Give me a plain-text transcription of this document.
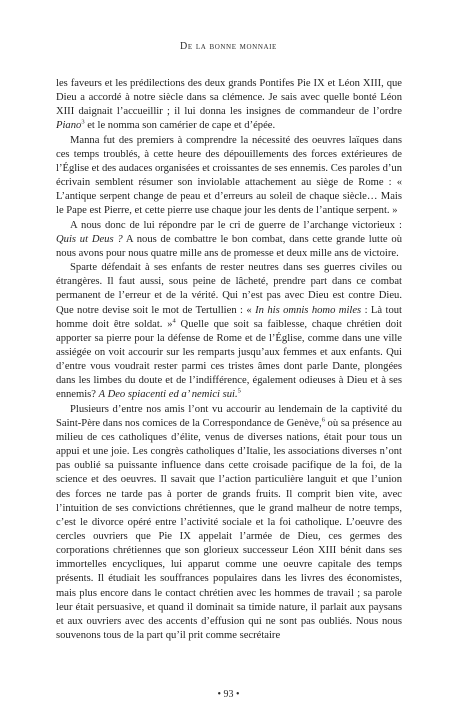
De la bonne monnaie

les faveurs et les prédilections des deux grands Pontifes Pie IX et Léon XIII, que Dieu a accordé à notre siècle dans sa clémence. Je sais avec quelle bonté Léon XIII daignait l’accueillir ; il lui donna les insignes de commandeur de l’ordre Piano$^3$ et le nomma son camérier de cape et d’épée.

Manna fut des premiers à comprendre la nécessité des oeuvres laïques dans ces temps troublés, à cette heure des dépouillements des forces extérieures de l’Église et des audaces organisées et croissantes de ses ennemis. Ces paroles d’un écrivain semblent résumer son inviolable attachement au siège de Rome : « L’antique serpent change de peau et d’erreurs au soleil de chaque siècle… Mais le Pape est Pierre, et cette pierre use chaque jour les dents de l’antique serpent. »

A nous donc de lui répondre par le cri de guerre de l’archange victorieux : Quis ut Deus ? A nous de combattre le bon combat, dans cette grande lutte où nous avons pour nous quatre mille ans de promesse et deux mille ans de victoire.

Sparte défendait à ses enfants de rester neutres dans ses guerres civiles ou étrangères. Il faut aussi, sous peine de lâcheté, prendre part dans ce combat permanent de l’erreur et de la vérité. Qui n’est pas avec Dieu est contre Dieu. Que notre devise soit le mot de Tertullien : « In his omnis homo miles : Là tout homme doit être soldat. »$^4$ Quelle que soit sa faiblesse, chaque chrétien doit apporter sa pierre pour la défense de Rome et de l’Église, comme dans une ville assiégée on voit accourir sur les remparts jusqu’aux femmes et aux enfants. Qui d’entre vous voudrait rester parmi ces tristes âmes dont parle Dante, plongées dans les limbes du doute et de l’indifférence, également odieuses à Dieu et à ses ennemis? A Deo spiacenti ed a’ nemici sui.$^5$

Plusieurs d’entre nos amis l’ont vu accourir au lendemain de la captivité du Saint-Père dans nos comices de la Correspondance de Genève,$^6$ où sa présence au milieu de ces catholiques d’élite, venus de diverses nations, était pour tous un appui et une joie. Les congrès catholiques d’Italie, les associations diverses n’ont pas oublié sa puissante influence dans cette croisade pacifique de la foi, de la science et des oeuvres. Il savait que l’action particulière languit et que l’union des forces ne tarde pas à porter de grands fruits. Il comprit bien vite, avec l’intuition de ses convictions chrétiennes, que le grand malheur de notre temps, c’est le divorce opéré entre l’activité sociale et la foi catholique. L’oeuvre des cercles ouvriers que Pie IX appelait l’armée de Dieu, ces germes des corporations chrétiennes que son glorieux successeur Léon XIII bénit dans ses immortelles encycliques, lui apparut comme une oeuvre capitale des temps présents. Il étudiait les souffrances populaires dans les livres des économistes, mais plus encore dans le contact chrétien avec les hommes de travail ; sa parole leur était persuasive, et quand il dominait sa timide nature, il parlait aux paysans et aux ouvriers avec des accents d’effusion qui ne sont pas oubliés. Nous nous souvenons tous de la part qu’il prit comme secrétaire

• 93 •
